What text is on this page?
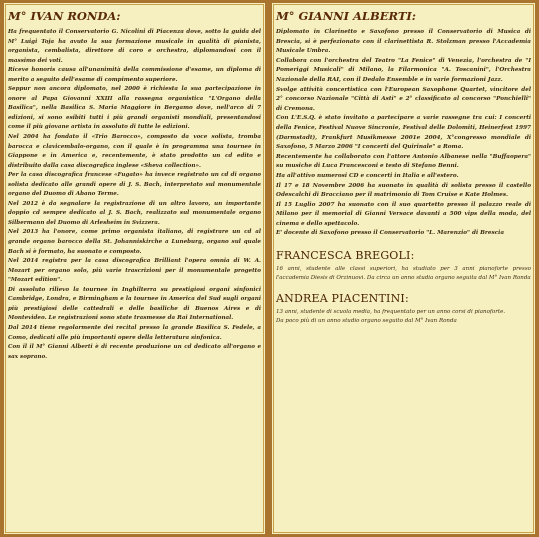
M° IVAN RONDA:

Ha frequentato il Conservatorio G. Nicolini di Piacenza dove, sotto la guida del M° Luigi Toja ha avuto la sua formazione musicale in qualità di pianista, organista, cembalista, direttore di coro e orchestra, diplomandosi con il massimo dei voti.
Riceve honoris causa all'unanimità della commissione d'esame, un diploma di merito a seguito dell'esame di compimento superiore.
Seppur non ancora diplomato, nel 2000 è richiesta la sua partecipazione in onore al Papa Giovanni XXIII alla rassegna organistica "L'Organo della Basilica", nella Basilica S. Maria Maggiore in Bergamo dove, nell'arco di 7 edizioni, si sono esibiti tutti i più grandi organisti mondiali, presentandosi come il più giovane artista in assoluto di tutte le edizioni.
Nel 2004 ha fondato il «Trio Barocco», composto da voce solista, tromba barocca e clavicembalo-organo, con il quale è in programma una tournee in Giappone e in America e, recentemente, è stato prodotto un cd edito e distribuito dalla casa discografica inglese «Sheva collection».
Per la casa discografica francese «Fugato» ha invece registrato un cd di organo solista dedicato alle grandi opere di J. S. Bach, interpretato sul monumentale organo del Duomo di Abano Terme.
Nel 2012 è da segnalare la registrazione di un altro lavoro, un importante doppio cd sempre dedicato al J. S. Bach, realizzato sul monumentale organo Silbermann del Duomo di Arlesheim in Svizzera.
Nel 2013 ha l'onore, come primo organista italiano, di registrare un cd al grande organo barocco della St. Johanniskirche a Luneburg, organo sul quale Bach si è formato, ha suonato e composto.
Nel 2014 registra per la casa discografica Brilliant l'opera omnia di W. A. Mozart per organo solo, più varie trascrizioni per il monumentale progetto "Mozart edition".
Di assoluto rilievo la tournee in Inghilterra su prestigiosi organi sinfonici Cambridge, Londra, e Birmingham e la tournee in America del Sud sugli organi più prestigiosi delle cattedrali e delle basiliche di Buenos Aires e di Montevideo. Le registrazioni sono state trasmesse da Rai International.
Dal 2014 tiene regolarmente dei recital presso la grande Basilica S. Fedele, a Como, dedicati alle più importanti opere della letteratura sinfonica.
Con il il M° Gianni Alberti è di recente produzione un cd dedicato all'organo e sax soprano.

M° GIANNI ALBERTI:

Diplomato in Clarinetto e Saxofono presso il Conservatorio di Musica di Brescia, si è perfezionato con il clarinettista R. Stolzman presso l'Accademia Musicale Umbra.
Collabora con l'orchestra del Teatro "La Fenice" di Venezia, l'orchestra de "I Pomeriggi Musicali" di Milano, la Filarmonica "A. Toscanini", l'Orchestra Nazionale della RAI, con il Dedalo Ensemble e in varie formazioni Jazz.
Svolge attività concertistica con l'European Saxophone Quartet, vincitore del 2° concorso Nazionale "Città di Asti" e 2° classificato al concorso "Ponchielli" di Cremona.
Con L'E.S.Q. è stato invitato a partecipare a varie rassegne tra cui: I concerti della Fenice, Festival Nuove Sincronie, Festival delle Dolomiti, Heinerfest 1997 (Darmstadt), Frankfurt Musikmesse 2001e 2004, X°congresso mondiale di Saxofono, 5 Marzo 2006 "I concerti del Quirinale" a Roma.
Recentemente ha collaborato con l'attore Antonio Albanese nella "Buffaopera" su musiche di Luca Francesconi e testo di Stefano Benni.
Ha all'attivo numerosi CD e concerti in Italia e all'estero.
Il 17 e 18 Novembre 2006 ha suonato in qualità di solista presso il castello Odescalchi di Bracciano per il matrimonio di Tom Cruise e Kate Holmes.
Il 15 Luglio 2007 ha suonato con il suo quartetto presso il palazzo reale di Milano per il memorial di Gianni Versace davanti a 500 vips della moda, del cinema e dello spettacolo.
E' docente di Saxofono presso il Conservatorio "L. Marenzio" di Brescia

FRANCESCA BREGOLI:

16 anni, studente alle classi superiori, ha studiato per 3 anni pianoforte presso l'accademia Diesis di Orzinuovi. Da circa un anno studia organo seguita dal M° Ivan Ronda

ANDREA PIACENTINI:

13 anni, studente di scuola media, ha frequentato per un anno corsi di pianoforte.
Da poco più di un anno studio organo seguito dal M° Ivan Ronda
